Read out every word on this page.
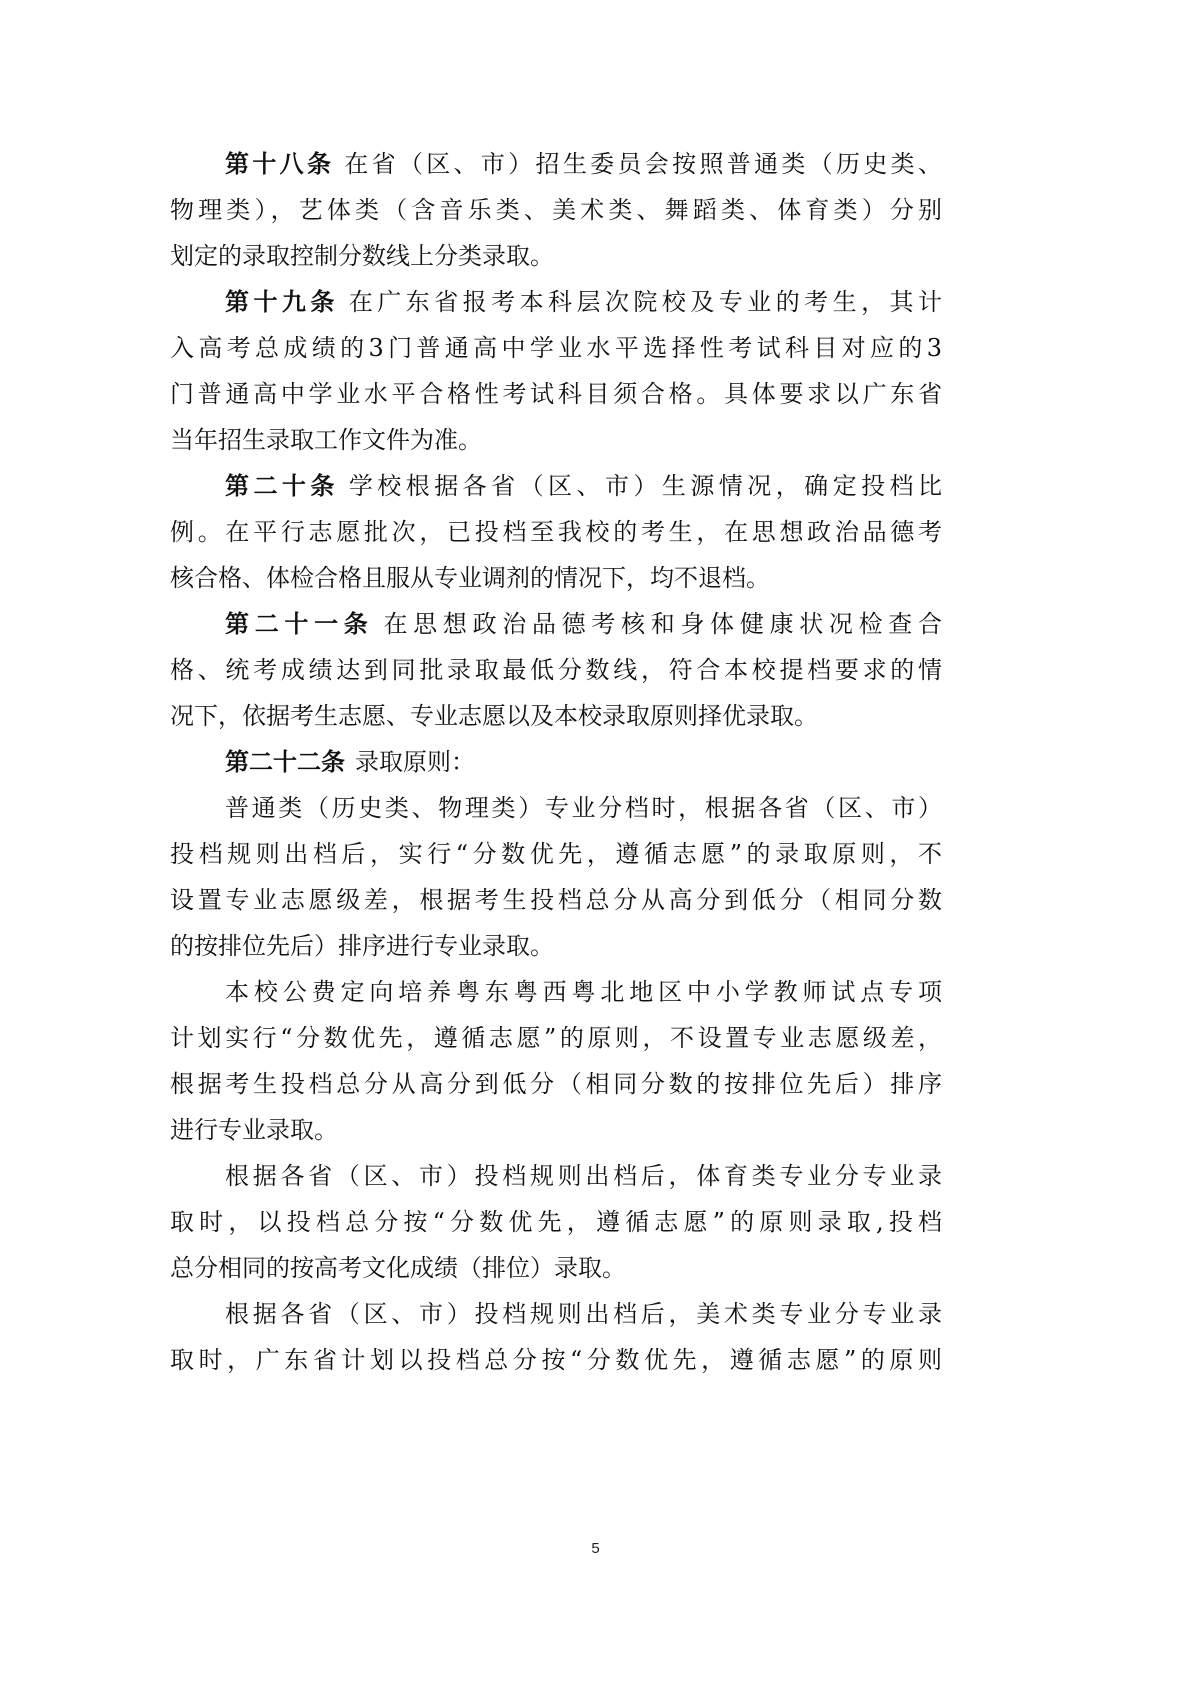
第十八条 在省（区、市）招生委员会按照普通类（历史类、
物理类），艺体类（含音乐类、美术类、舞蹈类、体育类）分别
划定的录取控制分数线上分类录取。
第十九条 在广东省报考本科层次院校及专业的考生，其计
入高考总成绩的3门普通高中学业水平选择性考试科目对应的3
门普通高中学业水平合格性考试科目须合格。具体要求以广东省
当年招生录取工作文件为准。
第二十条 学校根据各省（区、市）生源情况，确定投档比
例。在平行志愿批次，已投档至我校的考生，在思想政治品德考
核合格、体检合格且服从专业调剂的情况下，均不退档。
第二十一条 在思想政治品德考核和身体健康状况检查合
格、统考成绩达到同批录取最低分数线，符合本校提档要求的情
况下，依据考生志愿、专业志愿以及本校录取原则择优录取。
第二十二条 录取原则：
普通类（历史类、物理类）专业分档时，根据各省（区、市）
投档规则出档后，实行“分数优先，遵循志愿”的录取原则，不
设置专业志愿级差，根据考生投档总分从高分到低分（相同分数
的按排位先后）排序进行专业录取。
本校公费定向培养粤东粤西粤北地区中小学教师试点专项
计划实行“分数优先，遵循志愿”的原则，不设置专业志愿级差，
根据考生投档总分从高分到低分（相同分数的按排位先后）排序
进行专业录取。
根据各省（区、市）投档规则出档后，体育类专业分专业录
取时，以投档总分按“分数优先，遵循志愿”的原则录取,投档
总分相同的按高考文化成绩（排位）录取。
根据各省（区、市）投档规则出档后，美术类专业分专业录
取时，广东省计划以投档总分按“分数优先，遵循志愿”的原则
5
